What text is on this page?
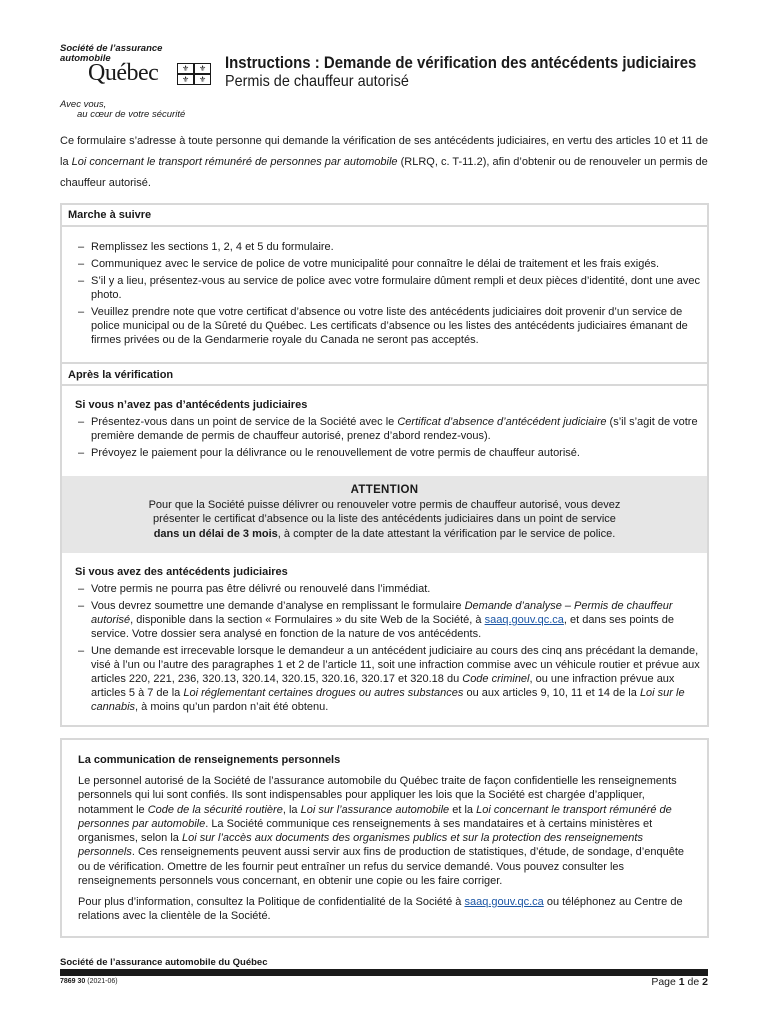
Société de l’assurance
automobile
Québec	⚜ ⚜
⚜ ⚜
Avec vous,
au cœur de votre sécurité
Instructions : Demande de vérification des antécédents judiciaires
Permis de chauffeur autorisé
Ce formulaire s’adresse à toute personne qui demande la vérification de ses antécédents judiciaires, en vertu des articles 10 et 11 de la Loi concernant le transport rémunéré de personnes par automobile (RLRQ, c. T-11.2), afin d’obtenir ou de renouveler un permis de chauffeur autorisé.
Marche à suivre
– Remplissez les sections 1, 2, 4 et 5 du formulaire.
– Communiquez avec le service de police de votre municipalité pour connaître le délai de traitement et les frais exigés.
– S’il y a lieu, présentez-vous au service de police avec votre formulaire dûment rempli et deux pièces d’identité, dont une avec photo.
– Veuillez prendre note que votre certificat d’absence ou votre liste des antécédents judiciaires doit provenir d’un service de police municipal ou de la Sûreté du Québec. Les certificats d’absence ou les listes des antécédents judiciaires émanant de firmes privées ou de la Gendarmerie royale du Canada ne seront pas acceptés.
Après la vérification
Si vous n’avez pas d’antécédents judiciaires
– Présentez-vous dans un point de service de la Société avec le Certificat d’absence d’antécédent judiciaire (s’il s’agit de votre première demande de permis de chauffeur autorisé, prenez d’abord rendez-vous).
– Prévoyez le paiement pour la délivrance ou le renouvellement de votre permis de chauffeur autorisé.
ATTENTION
Pour que la Société puisse délivrer ou renouveler votre permis de chauffeur autorisé, vous devez
présenter le certificat d’absence ou la liste des antécédents judiciaires dans un point de service
dans un délai de 3 mois, à compter de la date attestant la vérification par le service de police.
Si vous avez des antécédents judiciaires
– Votre permis ne pourra pas être délivré ou renouvelé dans l’immédiat.
– Vous devrez soumettre une demande d’analyse en remplissant le formulaire Demande d’analyse – Permis de chauffeur autorisé, disponible dans la section « Formulaires » du site Web de la Société, à saaq.gouv.qc.ca, et dans ses points de service. Votre dossier sera analysé en fonction de la nature de vos antécédents.
– Une demande est irrecevable lorsque le demandeur a un antécédent judiciaire au cours des cinq ans précédant la demande, visé à l’un ou l’autre des paragraphes 1 et 2 de l’article 11, soit une infraction commise avec un véhicule routier et prévue aux articles 220, 221, 236, 320.13, 320.14, 320.15, 320.16, 320.17 et 320.18 du Code criminel, ou une infraction prévue aux articles 5 à 7 de la Loi réglementant certaines drogues ou autres substances ou aux articles 9, 10, 11 et 14 de la Loi sur le cannabis, à moins qu’un pardon n’ait été obtenu.
La communication de renseignements personnels
Le personnel autorisé de la Société de l’assurance automobile du Québec traite de façon confidentielle les renseignements personnels qui lui sont confiés. Ils sont indispensables pour appliquer les lois que la Société est chargée d’appliquer, notamment le Code de la sécurité routière, la Loi sur l’assurance automobile et la Loi concernant le transport rémunéré de personnes par automobile. La Société communique ces renseignements à ses mandataires et à certains ministères et organismes, selon la Loi sur l’accès aux documents des organismes publics et sur la protection des renseignements personnels. Ces renseignements peuvent aussi servir aux fins de production de statistiques, d’étude, de sondage, d’enquête ou de vérification. Omettre de les fournir peut entraîner un refus du service demandé. Vous pouvez consulter les renseignements personnels vous concernant, en obtenir une copie ou les faire corriger.
Pour plus d’information, consultez la Politique de confidentialité de la Société à saaq.gouv.qc.ca ou téléphonez au Centre de relations avec la clientèle de la Société.
Société de l’assurance automobile du Québec
7869 30 (2021-06)	Page 1 de 2
